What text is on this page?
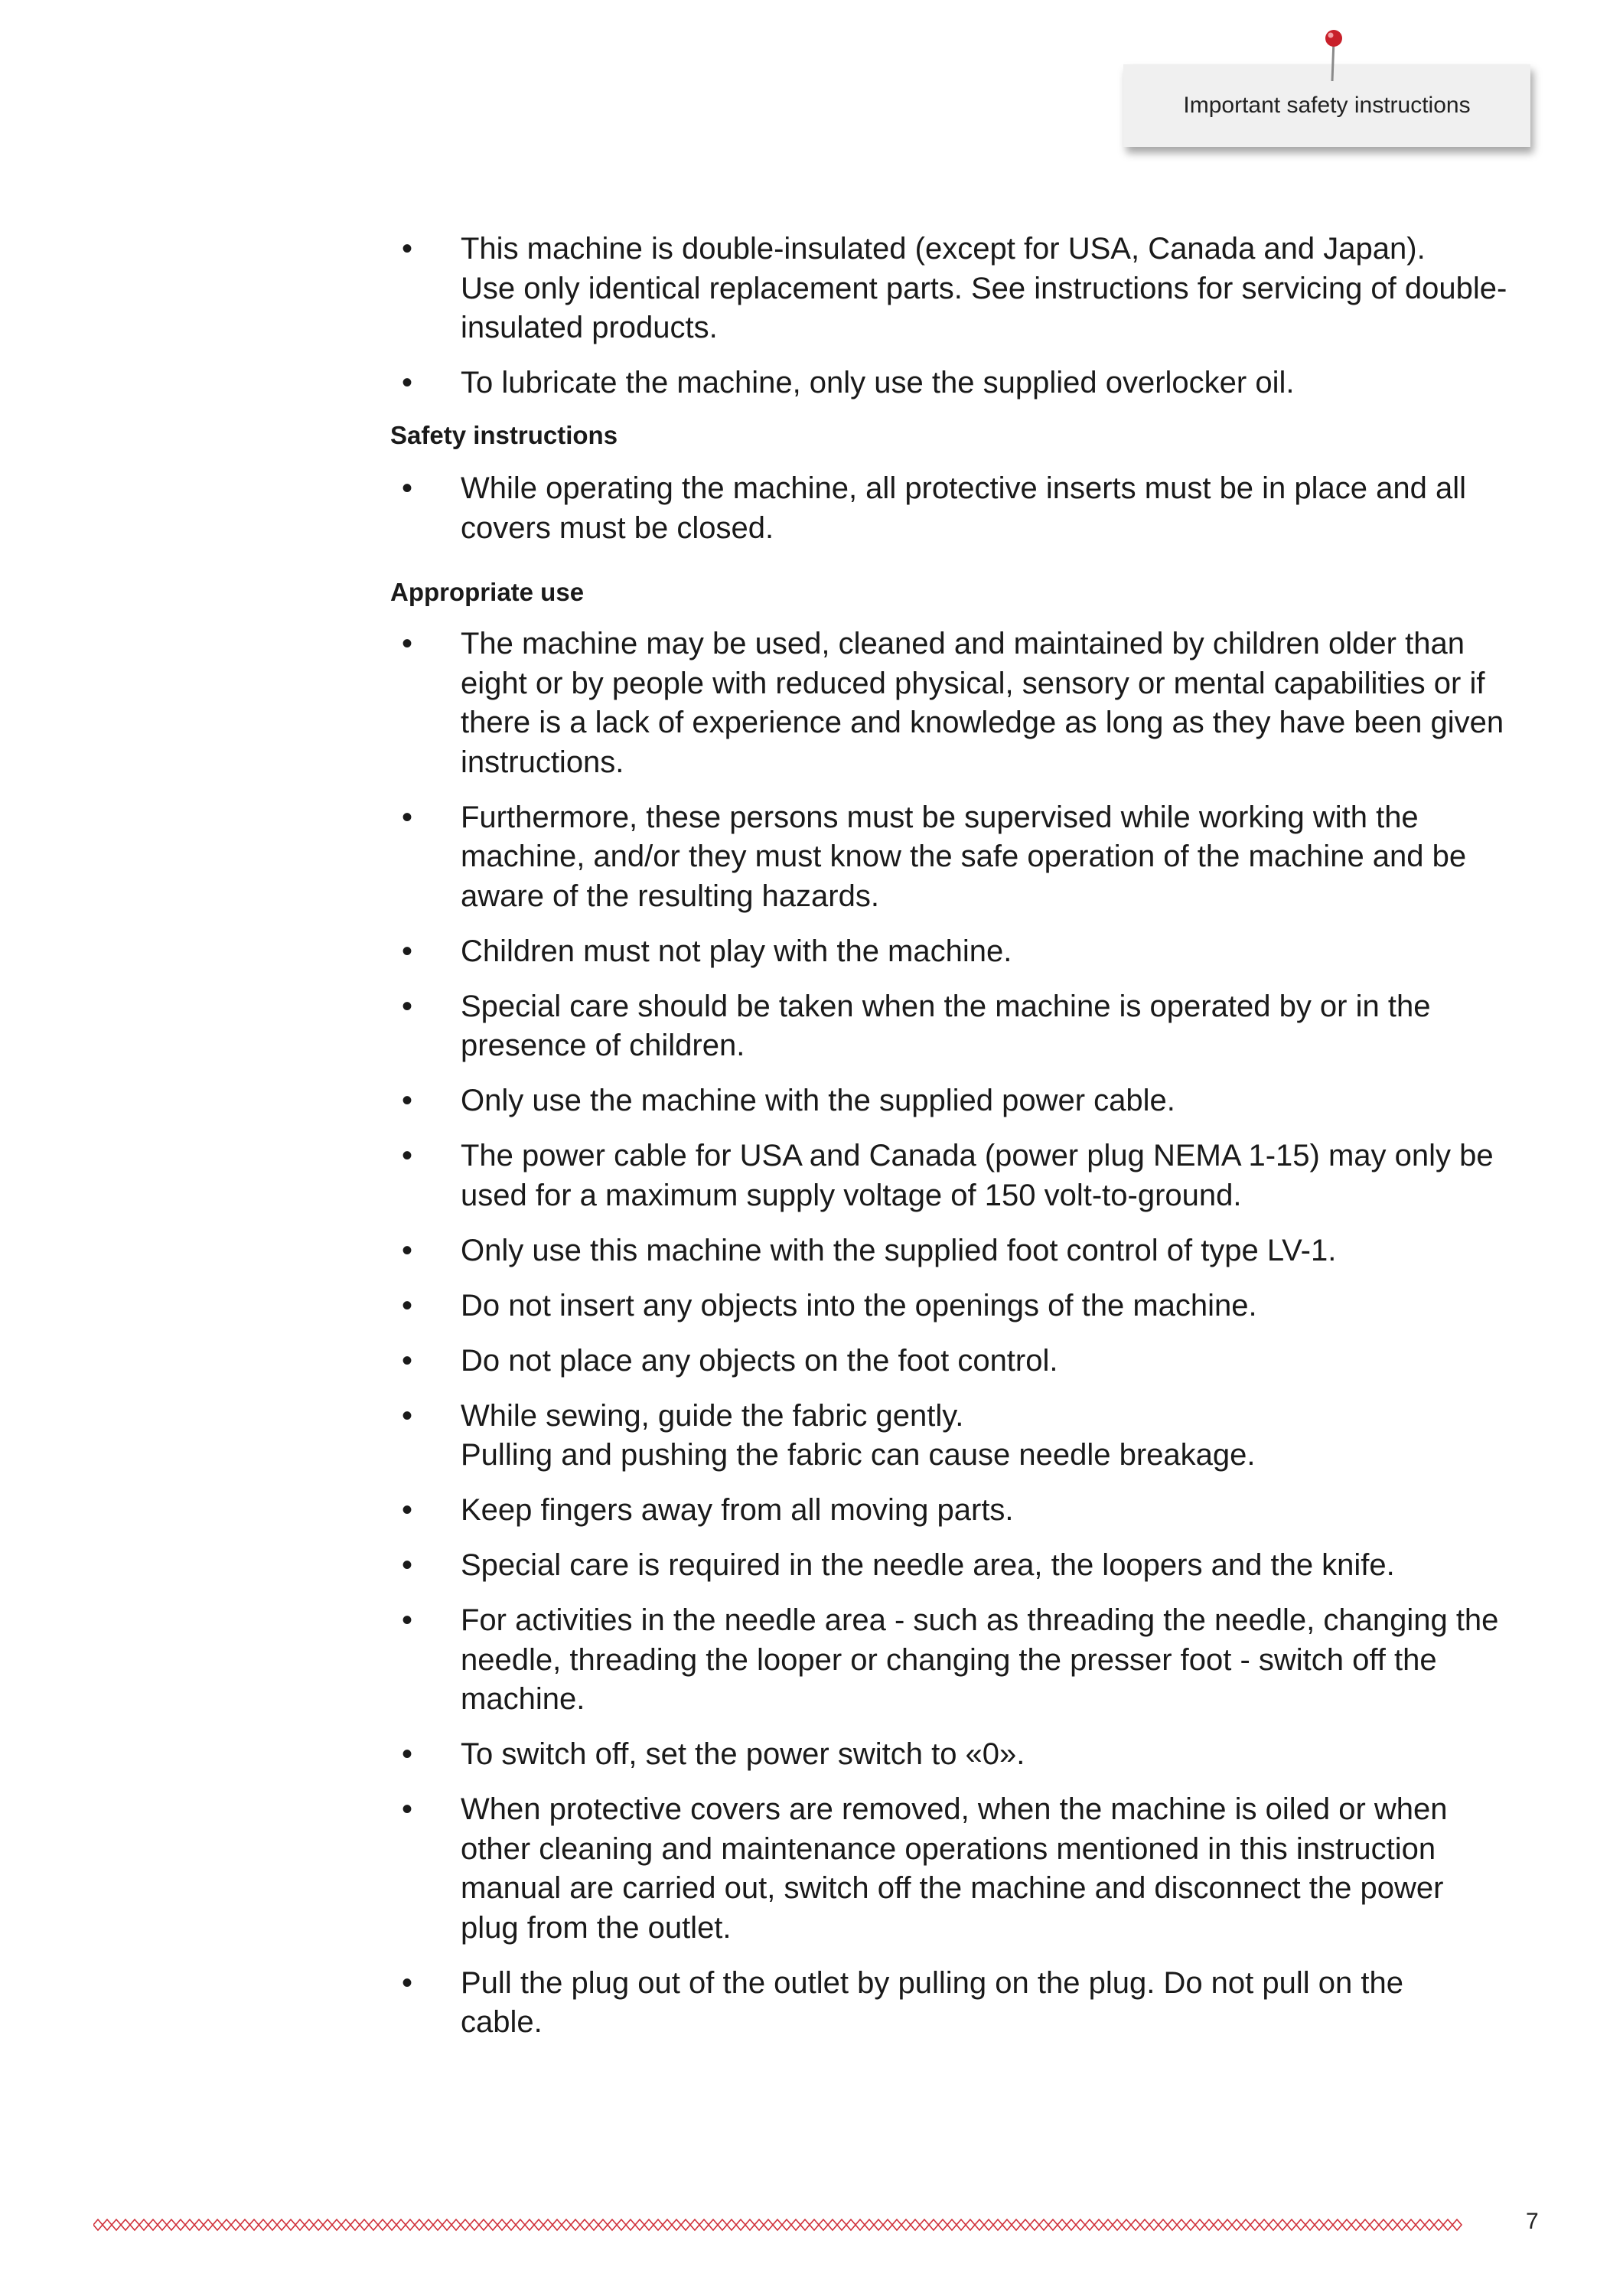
Important safety instructions
• This machine is double-insulated (except for USA, Canada and Japan).
Use only identical replacement parts. See instructions for servicing of double-
insulated products.
• To lubricate the machine, only use the supplied overlocker oil.
Safety instructions
• While operating the machine, all protective inserts must be in place and all
covers must be closed.
Appropriate use
• The machine may be used, cleaned and maintained by children older than
eight or by people with reduced physical, sensory or mental capabilities or if
there is a lack of experience and knowledge as long as they have been given
instructions.
• Furthermore, these persons must be supervised while working with the
machine, and/or they must know the safe operation of the machine and be
aware of the resulting hazards.
• Children must not play with the machine.
• Special care should be taken when the machine is operated by or in the
presence of children.
• Only use the machine with the supplied power cable.
• The power cable for USA and Canada (power plug NEMA 1-15) may only be
used for a maximum supply voltage of 150 volt-to-ground.
• Only use this machine with the supplied foot control of type LV-1.
• Do not insert any objects into the openings of the machine.
• Do not place any objects on the foot control.
• While sewing, guide the fabric gently.
Pulling and pushing the fabric can cause needle breakage.
• Keep fingers away from all moving parts.
• Special care is required in the needle area, the loopers and the knife.
• For activities in the needle area - such as threading the needle, changing the
needle, threading the looper or changing the presser foot - switch off the
machine.
• To switch off, set the power switch to «0».
• When protective covers are removed, when the machine is oiled or when
other cleaning and maintenance operations mentioned in this instruction
manual are carried out, switch off the machine and disconnect the power
plug from the outlet.
• Pull the plug out of the outlet by pulling on the plug. Do not pull on the
cable.
7
